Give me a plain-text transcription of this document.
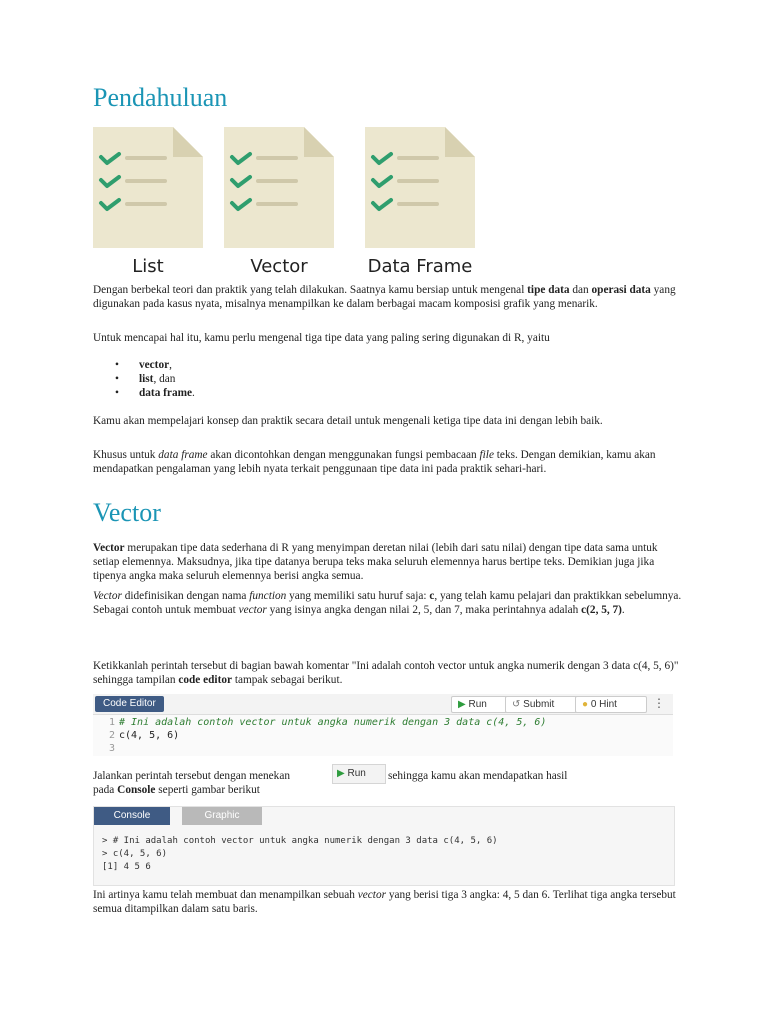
Pendahuluan
List	Vector	Data Frame

Dengan berbekal teori dan praktik yang telah dilakukan. Saatnya kamu bersiap untuk mengenal tipe data dan operasi data yang digunakan pada kasus nyata, misalnya menampilkan ke dalam berbagai macam komposisi grafik yang menarik.

Untuk mencapai hal itu, kamu perlu mengenal tiga tipe data yang paling sering digunakan di R, yaitu

• vector,
• list, dan
• data frame.

Kamu akan mempelajari konsep dan praktik secara detail untuk mengenali ketiga tipe data ini dengan lebih baik.

Khusus untuk data frame akan dicontohkan dengan menggunakan fungsi pembacaan file teks. Dengan demikian, kamu akan mendapatkan pengalaman yang lebih nyata terkait penggunaan tipe data ini pada praktik sehari-hari.

Vector

Vector merupakan tipe data sederhana di R yang menyimpan deretan nilai (lebih dari satu nilai) dengan tipe data sama untuk setiap elemennya. Maksudnya, jika tipe datanya berupa teks maka seluruh elemennya harus bertipe teks. Demikian juga jika tipenya angka maka seluruh elemennya berisi angka semua.

Vector didefinisikan dengan nama function yang memiliki satu huruf saja: c, yang telah kamu pelajari dan praktikkan sebelumnya. Sebagai contoh untuk membuat vector yang isinya angka dengan nilai 2, 5, dan 7, maka perintahnya adalah c(2, 5, 7).

Ketikkanlah perintah tersebut di bagian bawah komentar "Ini adalah contoh vector untuk angka numerik dengan 3 data c(4, 5, 6)" sehingga tampilan code editor tampak sebagai berikut.

Code Editor	▶ Run	↺ Submit	● 0 Hint	⋮
1 # Ini adalah contoh vector untuk angka numerik dengan 3 data c(4, 5, 6)
2 c(4, 5, 6)
3
Jalankan perintah tersebut dengan menekan	▶ Run	sehingga kamu akan mendapatkan hasil
pada Console seperti gambar berikut
Console	Graphic
> # Ini adalah contoh vector untuk angka numerik dengan 3 data c(4, 5, 6)
> c(4, 5, 6)
[1] 4 5 6

Ini artinya kamu telah membuat dan menampilkan sebuah vector yang berisi tiga 3 angka: 4, 5 dan 6. Terlihat tiga angka tersebut semua ditampilkan dalam satu baris.
